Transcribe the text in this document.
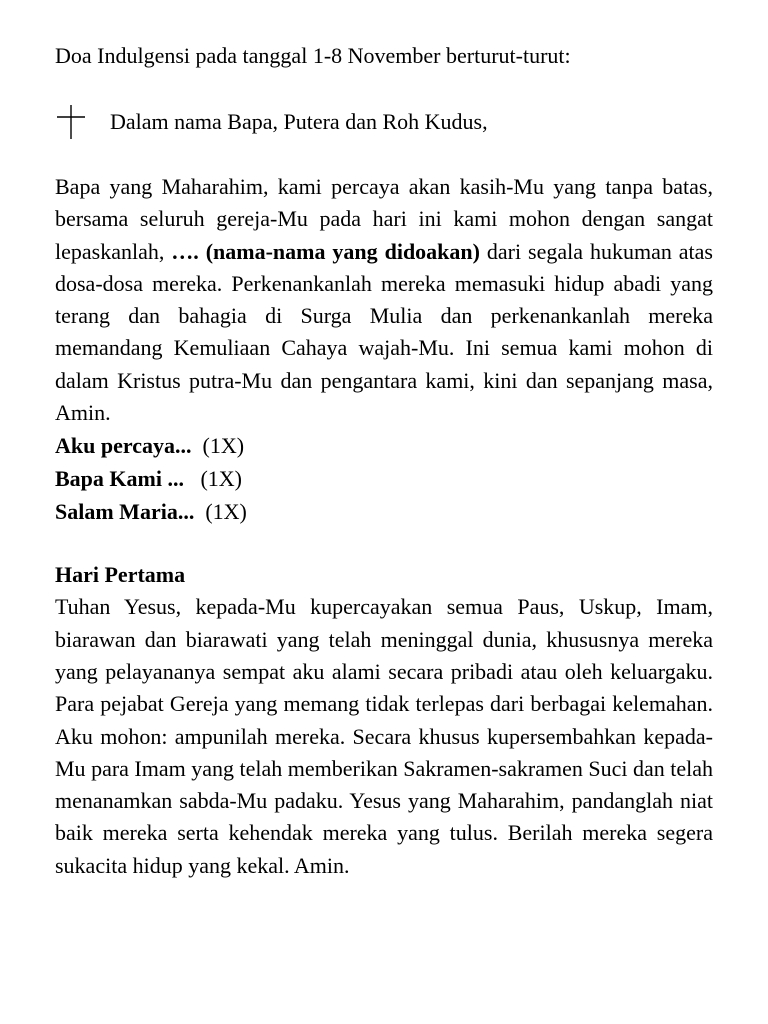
Doa Indulgensi pada tanggal 1-8 November berturut-turut:

Dalam nama Bapa, Putera dan Roh Kudus,

Bapa yang Maharahim, kami percaya akan kasih-Mu yang tanpa batas, bersama seluruh gereja-Mu pada hari ini kami mohon dengan sangat lepaskanlah, …. (nama-nama yang didoakan) dari segala hukuman atas dosa-dosa mereka. Perkenankanlah mereka memasuki hidup abadi yang terang dan bahagia di Surga Mulia dan perkenankanlah mereka memandang Kemuliaan Cahaya wajah-Mu. Ini semua kami mohon di dalam Kristus putra-Mu dan pengantara kami, kini dan sepanjang masa, Amin.

Aku percaya... (1X)

Bapa Kami ... (1X)

Salam Maria... (1X)

Hari Pertama

Tuhan Yesus, kepada-Mu kupercayakan semua Paus, Uskup, Imam, biarawan dan biarawati yang telah meninggal dunia, khususnya mereka yang pelayananya sempat aku alami secara pribadi atau oleh keluargaku. Para pejabat Gereja yang memang tidak terlepas dari berbagai kelemahan. Aku mohon: ampunilah mereka. Secara khusus kupersembahkan kepada-Mu para Imam yang telah memberikan Sakramen-sakramen Suci dan telah menanamkan sabda-Mu padaku. Yesus yang Maharahim, pandanglah niat baik mereka serta kehendak mereka yang tulus. Berilah mereka segera sukacita hidup yang kekal. Amin.
